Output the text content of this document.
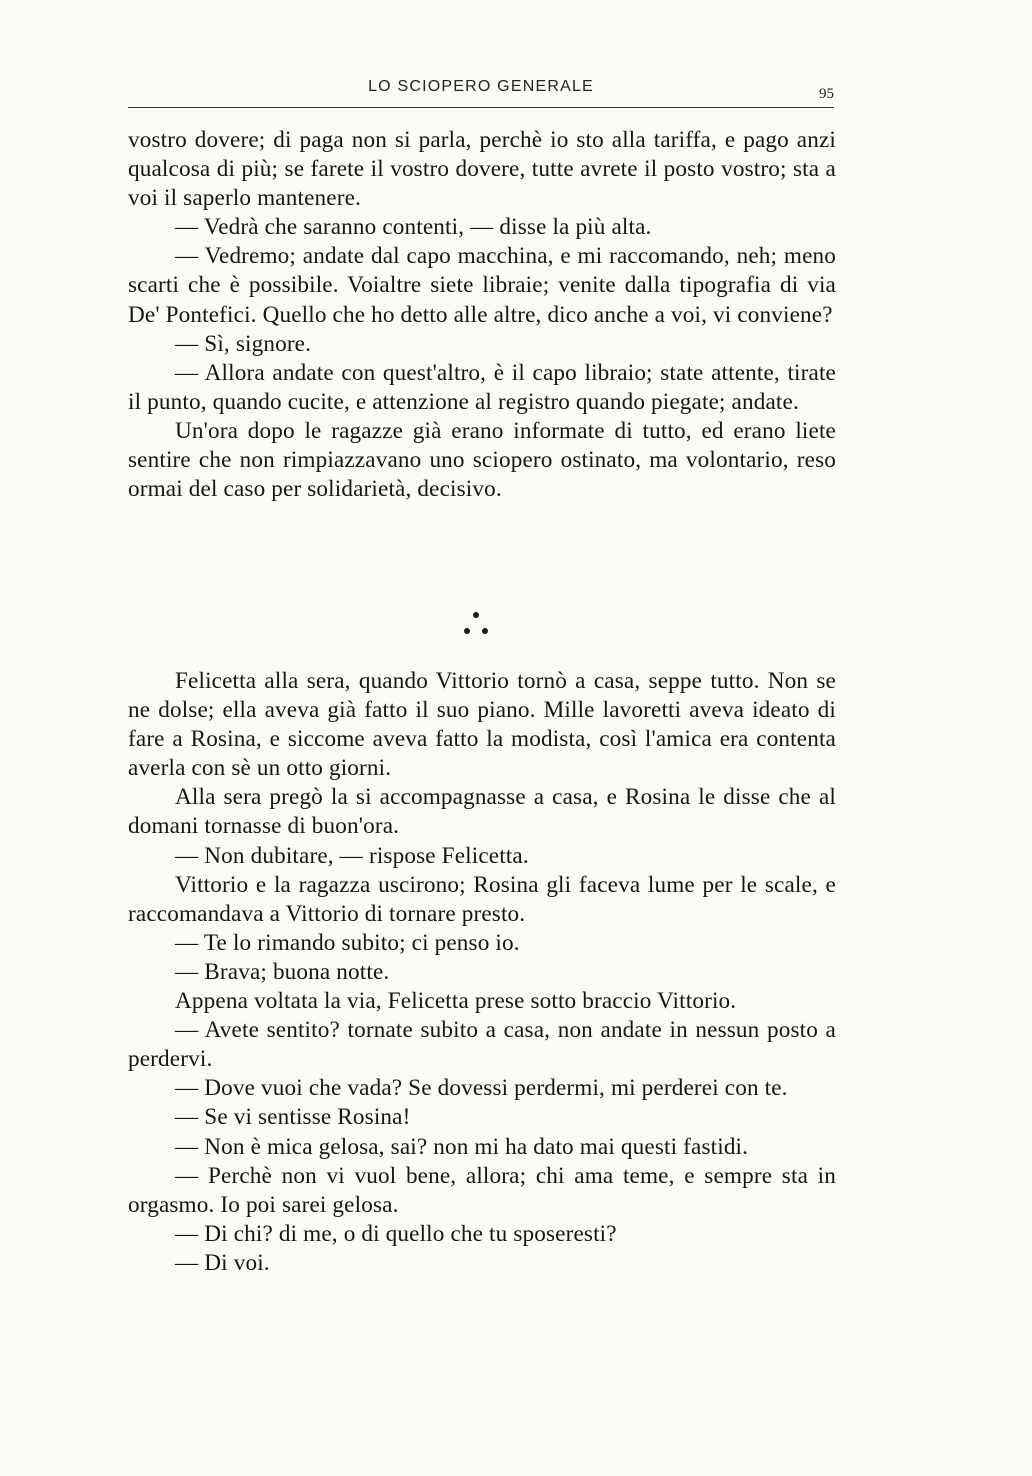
LO SCIOPERO GENERALE	95

vostro dovere; di paga non si parla, perchè io sto alla tariffa, e pago anzi qualcosa di più; se farete il vostro dovere, tutte avrete il posto vostro; sta a voi il saperlo mantenere.

— Vedrà che saranno contenti, — disse la più alta.

— Vedremo; andate dal capo macchina, e mi raccomando, neh; meno scarti che è possibile. Voialtre siete libraie; venite dalla tipografia di via De' Pontefici. Quello che ho detto alle altre, dico anche a voi, vi conviene?

— Sì, signore.

— Allora andate con quest'altro, è il capo libraio; state attente, tirate il punto, quando cucite, e attenzione al registro quando piegate; andate.

Un'ora dopo le ragazze già erano informate di tutto, ed erano liete sentire che non rimpiazzavano uno sciopero ostinato, ma volontario, reso ormai del caso per solidarietà, decisivo.

Felicetta alla sera, quando Vittorio tornò a casa, seppe tutto. Non se ne dolse; ella aveva già fatto il suo piano. Mille lavoretti aveva ideato di fare a Rosina, e siccome aveva fatto la modista, così l'amica era contenta averla con sè un otto giorni.

Alla sera pregò la si accompagnasse a casa, e Rosina le disse che al domani tornasse di buon'ora.

— Non dubitare, — rispose Felicetta.

Vittorio e la ragazza uscirono; Rosina gli faceva lume per le scale, e raccomandava a Vittorio di tornare presto.

— Te lo rimando subito; ci penso io.

— Brava; buona notte.

Appena voltata la via, Felicetta prese sotto braccio Vittorio.

— Avete sentito? tornate subito a casa, non andate in nessun posto a perdervi.

— Dove vuoi che vada? Se dovessi perdermi, mi perderei con te.

— Se vi sentisse Rosina!

— Non è mica gelosa, sai? non mi ha dato mai questi fastidi.

— Perchè non vi vuol bene, allora; chi ama teme, e sempre sta in orgasmo. Io poi sarei gelosa.

— Di chi? di me, o di quello che tu sposeresti?

— Di voi.
